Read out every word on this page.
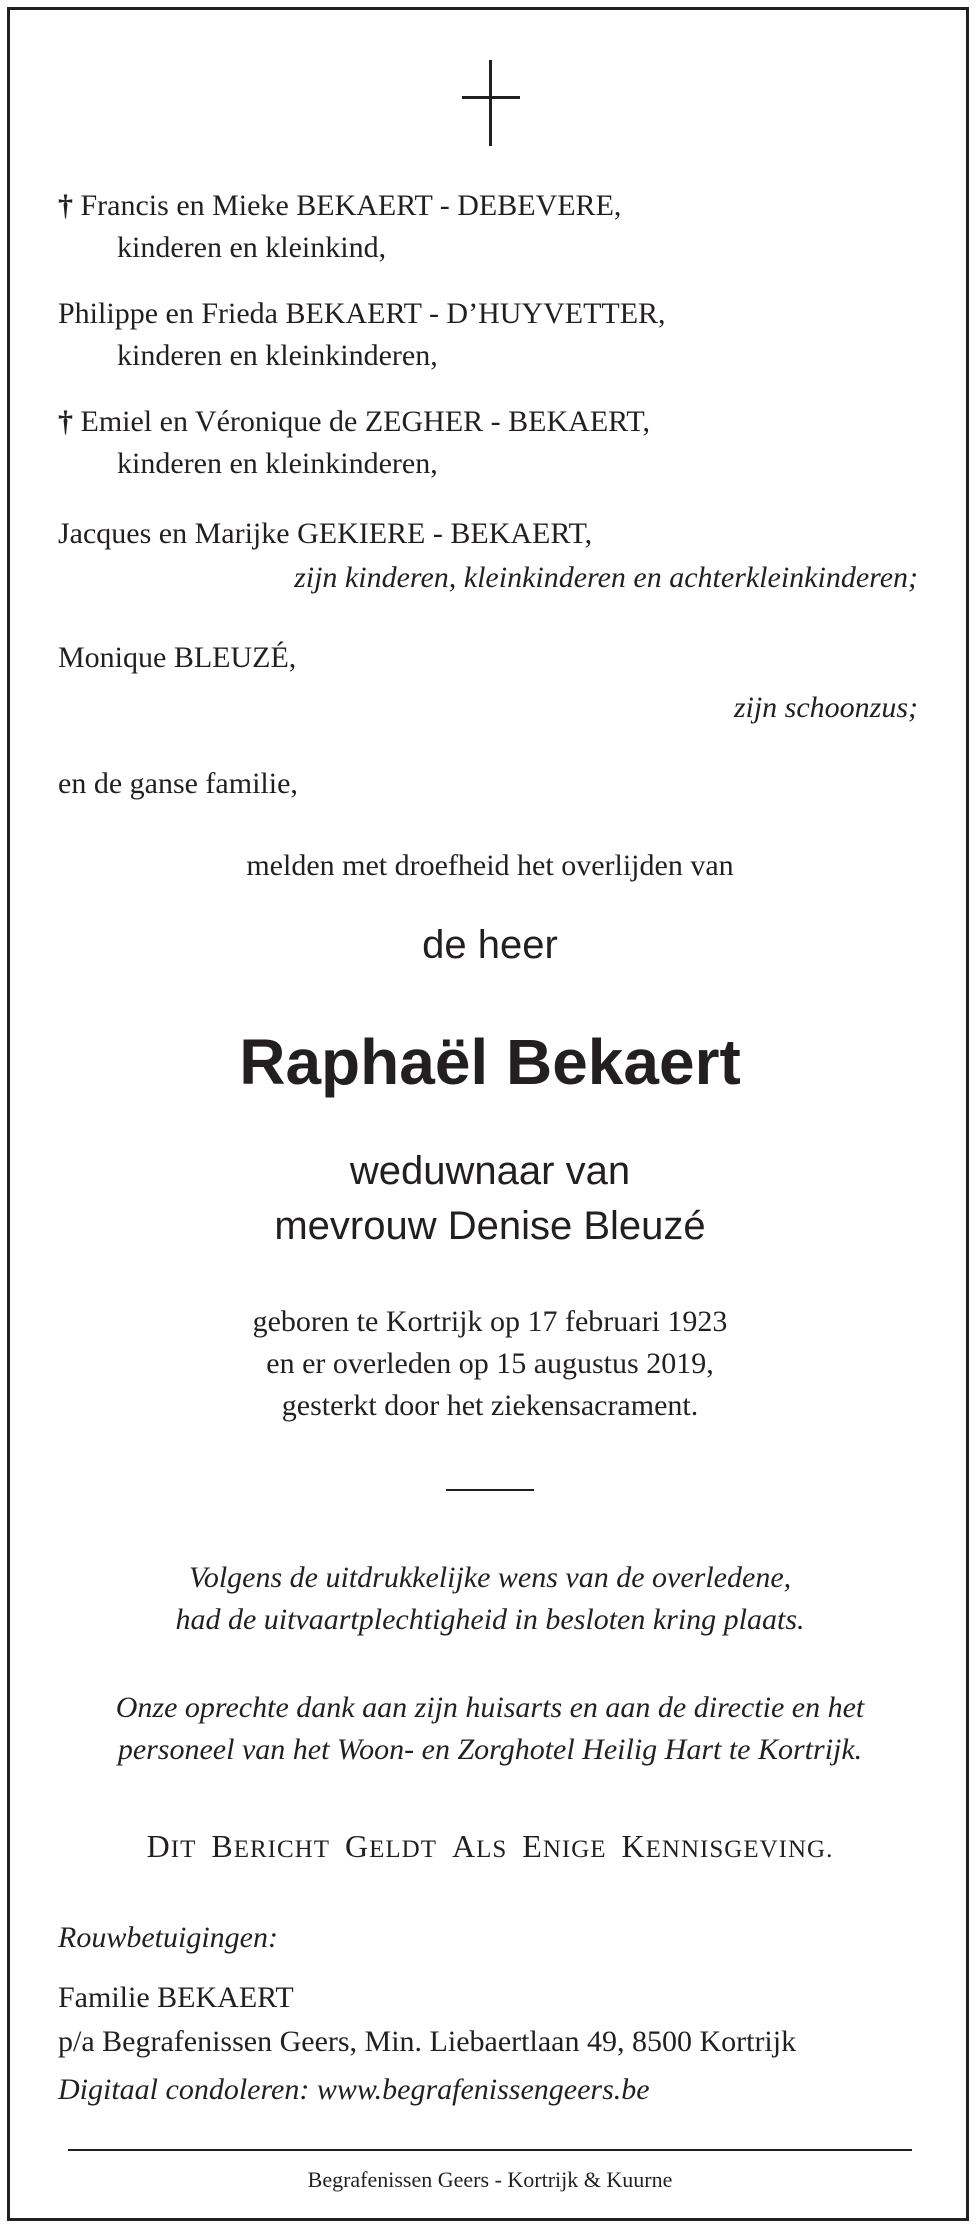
† Francis en Mieke BEKAERT - DEBEVERE,
kinderen en kleinkind,
Philippe en Frieda BEKAERT - D’HUYVETTER,
kinderen en kleinkinderen,
† Emiel en Véronique de ZEGHER - BEKAERT,
kinderen en kleinkinderen,
Jacques en Marijke GEKIERE - BEKAERT,
zijn kinderen, kleinkinderen en achterkleinkinderen;
Monique BLEUZÉ,
zijn schoonzus;
en de ganse familie,
melden met droefheid het overlijden van
de heer
Raphaël Bekaert
weduwnaar van
mevrouw Denise Bleuzé
geboren te Kortrijk op 17 februari 1923
en er overleden op 15 augustus 2019,
gesterkt door het ziekensacrament.
Volgens de uitdrukkelijke wens van de overledene,
had de uitvaartplechtigheid in besloten kring plaats.
Onze oprechte dank aan zijn huisarts en aan de directie en het
personeel van het Woon- en Zorghotel Heilig Hart te Kortrijk.
DIT BERICHT GELDT ALS ENIGE KENNISGEVING.
Rouwbetuigingen:
Familie BEKAERT
p/a Begrafenissen Geers, Min. Liebaertlaan 49, 8500 Kortrijk
Digitaal condoleren: www.begrafenissengeers.be
Begrafenissen Geers - Kortrijk & Kuurne
